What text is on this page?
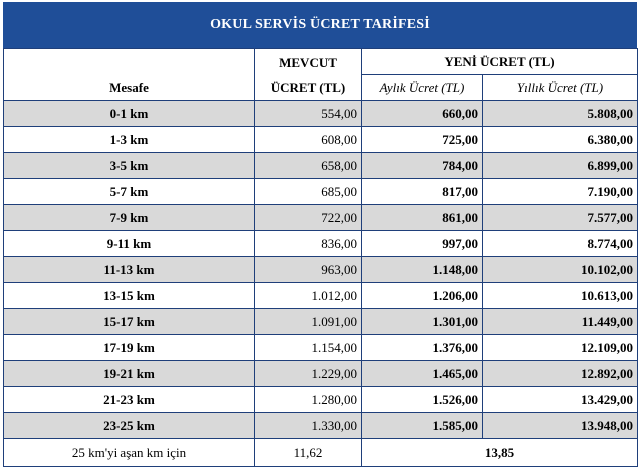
OKUL SERVİS ÜCRET TARİFESİ
Mesafe	MEVCUT
ÜCRET (TL)	YENİ ÜCRET (TL)	
		Aylık Ücret (TL)	Yıllık Ücret (TL)
0-1 km	554,00	660,00	5.808,00
1-3 km	608,00	725,00	6.380,00
3-5 km	658,00	784,00	6.899,00
5-7 km	685,00	817,00	7.190,00
7-9 km	722,00	861,00	7.577,00
9-11 km	836,00	997,00	8.774,00
11-13 km	963,00	1.148,00	10.102,00
13-15 km	1.012,00	1.206,00	10.613,00
15-17 km	1.091,00	1.301,00	11.449,00
17-19 km	1.154,00	1.376,00	12.109,00
19-21 km	1.229,00	1.465,00	12.892,00
21-23 km	1.280,00	1.526,00	13.429,00
23-25 km	1.330,00	1.585,00	13.948,00
25 km'yi aşan km için	11,62	13,85	
